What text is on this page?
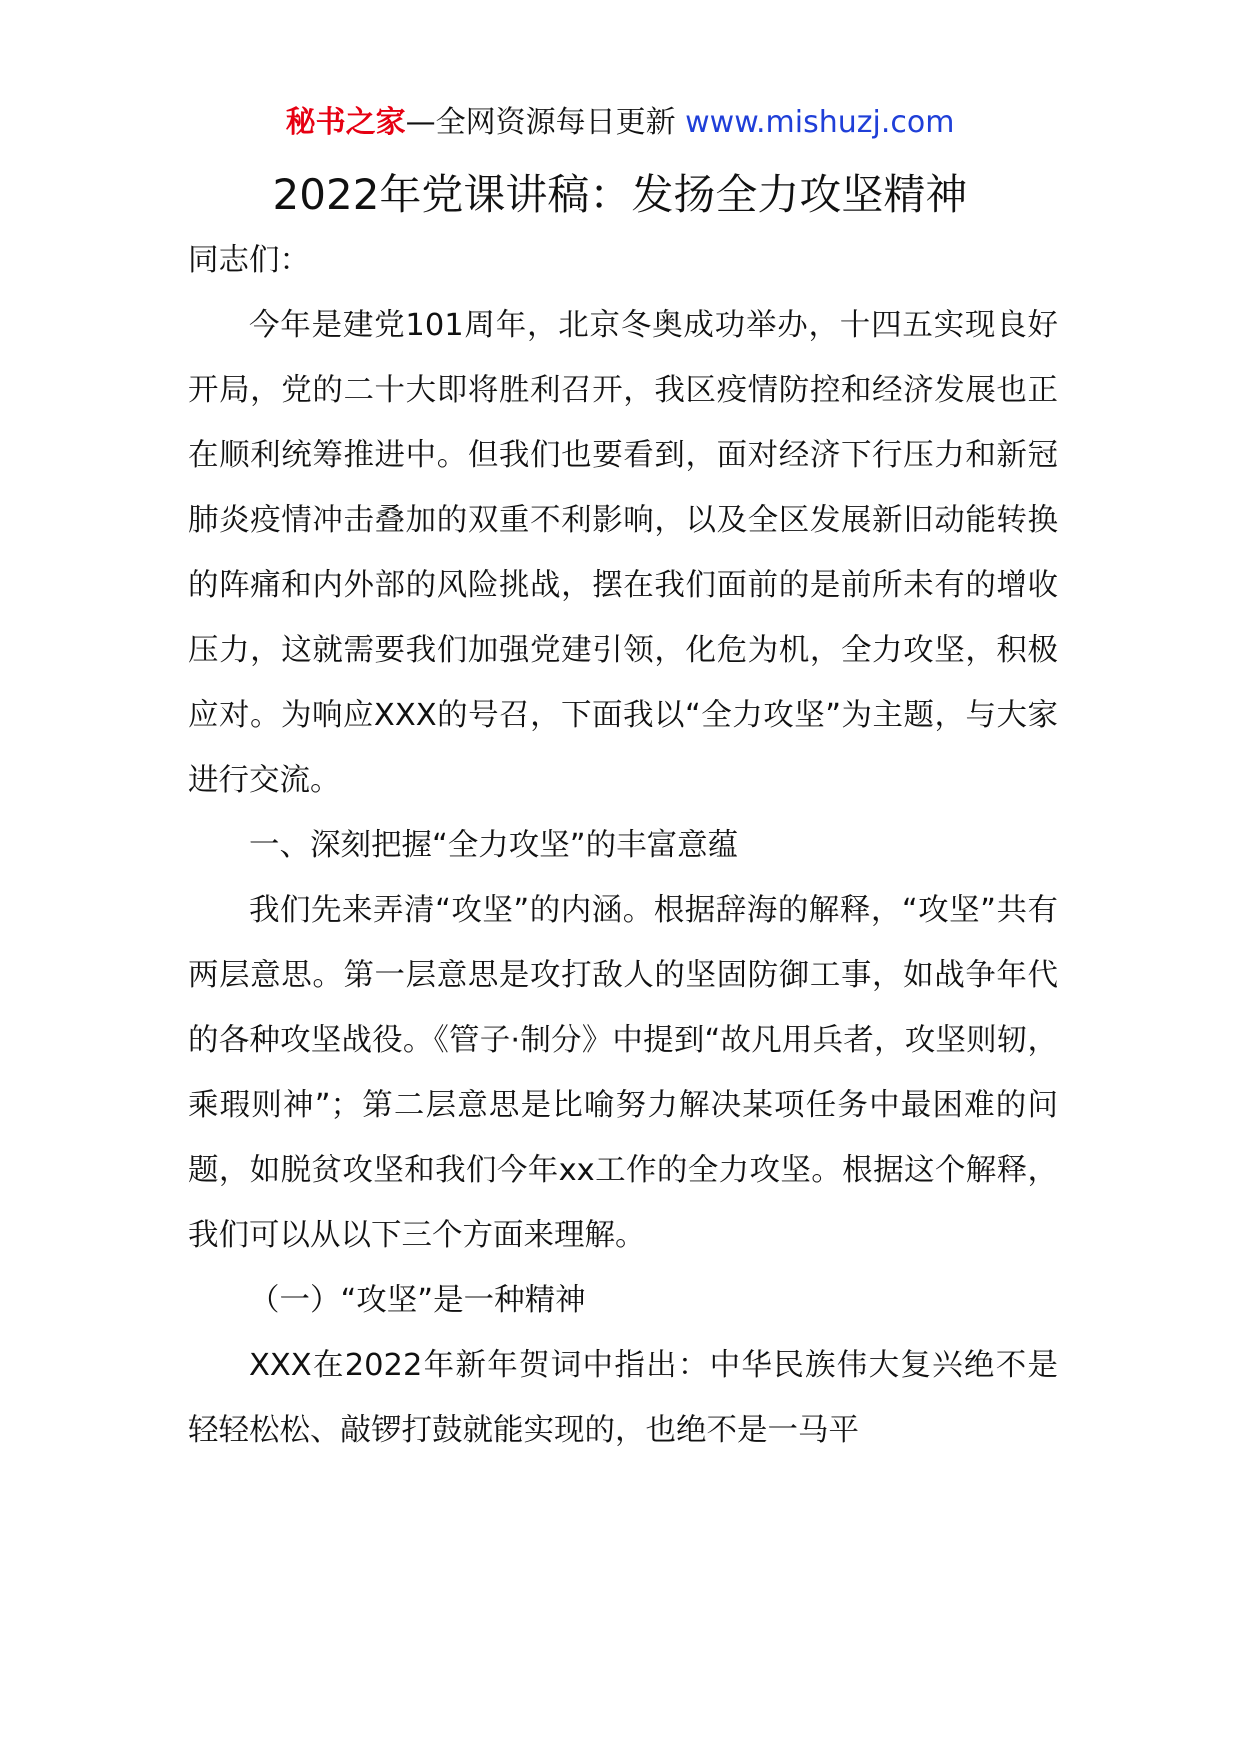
秘书之家—全网资源每日更新 www.mishuzj.com
2022年党课讲稿：发扬全力攻坚精神

同志们：

今年是建党101周年，北京冬奥成功举办，十四五实现良好开局，党的二十大即将胜利召开，我区疫情防控和经济发展也正在顺利统筹推进中。但我们也要看到，面对经济下行压力和新冠肺炎疫情冲击叠加的双重不利影响，以及全区发展新旧动能转换的阵痛和内外部的风险挑战，摆在我们面前的是前所未有的增收压力，这就需要我们加强党建引领，化危为机，全力攻坚，积极应对。为响应XXX的号召，下面我以“全力攻坚”为主题，与大家进行交流。

一、深刻把握“全力攻坚”的丰富意蕴

我们先来弄清“攻坚”的内涵。根据辞海的解释，“攻坚”共有两层意思。第一层意思是攻打敌人的坚固防御工事，如战争年代的各种攻坚战役。《管子·制分》中提到“故凡用兵者，攻坚则轫，乘瑕则神”；第二层意思是比喻努力解决某项任务中最困难的问题，如脱贫攻坚和我们今年xx工作的全力攻坚。根据这个解释，我们可以从以下三个方面来理解。

（一）“攻坚”是一种精神

XXX在2022年新年贺词中指出：中华民族伟大复兴绝不是轻轻松松、敲锣打鼓就能实现的，也绝不是一马平
